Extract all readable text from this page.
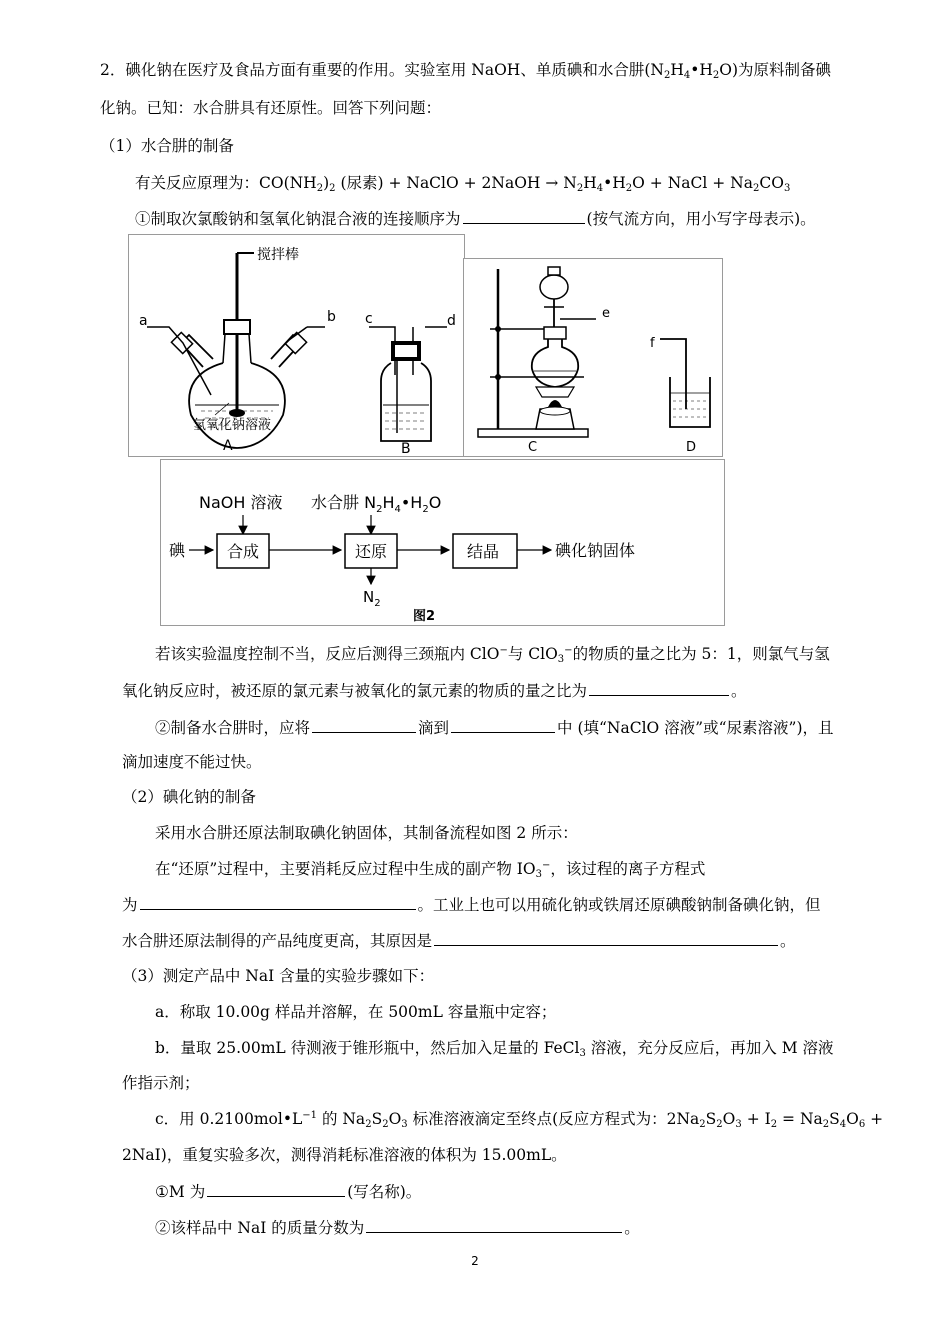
2．碘化钠在医疗及食品方面有重要的作用。实验室用 NaOH、单质碘和水合肼$(N_2H_4•H_2O)$为原料制备碘
化钠。已知：水合肼具有还原性。回答下列问题：
（1）水合肼的制备
有关反应原理为：$CO(NH_2)_2$ (尿素) + NaClO + 2NaOH → $N_2H_4•H_2O$ + NaCl + $Na_2CO_3$
①制取次氯酸钠和氢氧化钠混合液的连接顺序为	(按气流方向，用小写字母表示)。
搅拌棒
a	b
氢氧化钠溶液
A
c	d
B
e
C
f
D
NaOH 溶液 水合肼 $N_2H_4•H_2O$
碘	合成	还原	结晶	碘化钠固体
$N_2$
图2
若该实验温度控制不当，反应后测得三颈瓶内 ClO−与 ClO$_3$−的物质的量之比为 5：1，则氯气与氢
氧化钠反应时，被还原的氯元素与被氧化的氯元素的物质的量之比为	。
②制备水合肼时，应将	滴到	中 (填“NaClO 溶液”或“尿素溶液”)，且
滴加速度不能过快。
（2）碘化钠的制备
采用水合肼还原法制取碘化钠固体，其制备流程如图 2 所示：
在“还原”过程中，主要消耗反应过程中生成的副产物 $IO_3^-$，该过程的离子方程式
为	。工业上也可以用硫化钠或铁屑还原碘酸钠制备碘化钠，但
水合肼还原法制得的产品纯度更高，其原因是	。
（3）测定产品中 NaI 含量的实验步骤如下：
a．称取 10.00g 样品并溶解，在 500mL 容量瓶中定容；
b．量取 25.00mL 待测液于锥形瓶中，然后加入足量的 FeCl$_3$ 溶液，充分反应后，再加入 M 溶液
作指示剂；
c．用 $0.2100mol•L^{-1}$ 的 $Na_2S_2O_3$ 标准溶液滴定至终点(反应方程式为：$2Na_2S_2O_3 + I_2 = Na_2S_4O_6$ +
2NaI)，重复实验多次，测得消耗标准溶液的体积为 15.00mL。
①M 为	(写名称)。
②该样品中 NaI 的质量分数为	。
2
